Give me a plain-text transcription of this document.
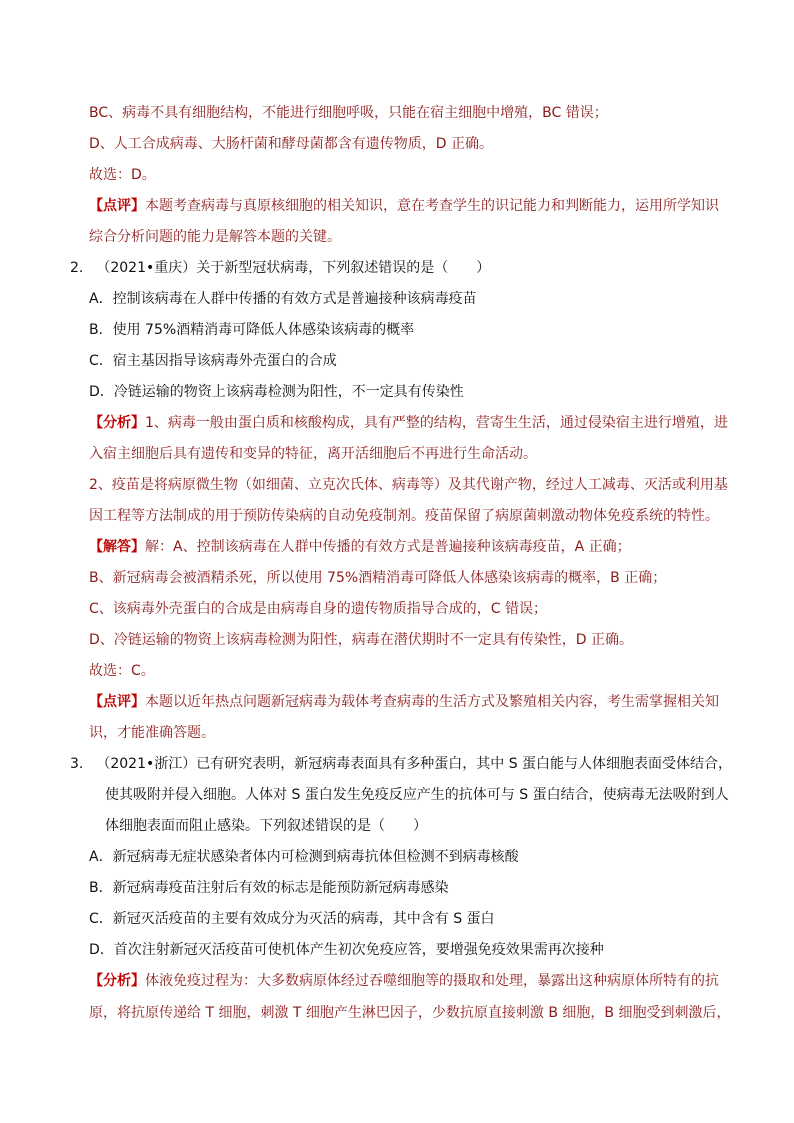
BC、病毒不具有细胞结构，不能进行细胞呼吸，只能在宿主细胞中增殖，BC 错误；
D、人工合成病毒、大肠杆菌和酵母菌都含有遗传物质，D 正确。
故选：D。
【点评】本题考查病毒与真原核细胞的相关知识，意在考查学生的识记能力和判断能力，运用所学知识
综合分析问题的能力是解答本题的关键。
2. （2021•重庆）关于新型冠状病毒，下列叙述错误的是（　　）
A．控制该病毒在人群中传播的有效方式是普遍接种该病毒疫苗
B．使用 75%酒精消毒可降低人体感染该病毒的概率
C．宿主基因指导该病毒外壳蛋白的合成
D．冷链运输的物资上该病毒检测为阳性，不一定具有传染性
【分析】1、病毒一般由蛋白质和核酸构成，具有严整的结构，营寄生生活，通过侵染宿主进行增殖，进
入宿主细胞后具有遗传和变异的特征，离开活细胞后不再进行生命活动。
2、疫苗是将病原微生物（如细菌、立克次氏体、病毒等）及其代谢产物，经过人工减毒、灭活或利用基
因工程等方法制成的用于预防传染病的自动免疫制剂。疫苗保留了病原菌刺激动物体免疫系统的特性。
【解答】解：A、控制该病毒在人群中传播的有效方式是普遍接种该病毒疫苗，A 正确；
B、新冠病毒会被酒精杀死，所以使用 75%酒精消毒可降低人体感染该病毒的概率，B 正确；
C、该病毒外壳蛋白的合成是由病毒自身的遗传物质指导合成的，C 错误；
D、冷链运输的物资上该病毒检测为阳性，病毒在潜伏期时不一定具有传染性，D 正确。
故选：C。
【点评】本题以近年热点问题新冠病毒为载体考查病毒的生活方式及繁殖相关内容，考生需掌握相关知
识，才能准确答题。
3. （2021•浙江）已有研究表明，新冠病毒表面具有多种蛋白，其中 S 蛋白能与人体细胞表面受体结合，
使其吸附并侵入细胞。人体对 S 蛋白发生免疫反应产生的抗体可与 S 蛋白结合，使病毒无法吸附到人
体细胞表面而阻止感染。下列叙述错误的是（　　）
A．新冠病毒无症状感染者体内可检测到病毒抗体但检测不到病毒核酸
B．新冠病毒疫苗注射后有效的标志是能预防新冠病毒感染
C．新冠灭活疫苗的主要有效成分为灭活的病毒，其中含有 S 蛋白
D．首次注射新冠灭活疫苗可使机体产生初次免疫应答，要增强免疫效果需再次接种
【分析】体液免疫过程为：大多数病原体经过吞噬细胞等的摄取和处理，暴露出这种病原体所特有的抗
原，将抗原传递给 T 细胞，刺激 T 细胞产生淋巴因子，少数抗原直接刺激 B 细胞，B 细胞受到刺激后，
